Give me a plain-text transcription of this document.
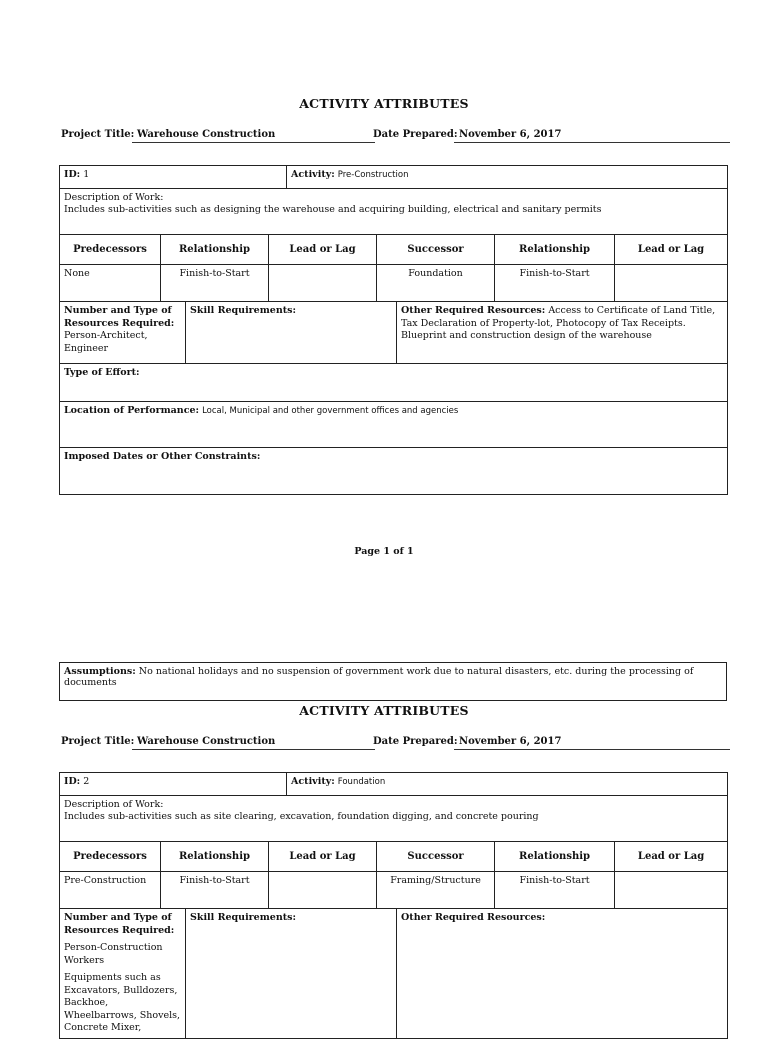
ACTIVITY ATTRIBUTES
Project Title: Warehouse Construction	Date Prepared: November 6, 2017
ID: 1				Activity: Pre-Construction				

Description of Work:
Includes sub-activities such as designing the warehouse and acquiring building, electrical and sanitary permits								

Predecessors	Relationship		Lead or Lag		Successor		Relationship	Lead or Lag
None	Finish-to-Start				Foundation		Finish-to-Start	

Number and Type of Resources Required:
Person-Architect, Engineer		Skill Requirements:				Other Required Resources: Access to Certificate of Land Title, Tax Declaration of Property-lot, Photocopy of Tax Receipts. Blueprint and construction design of the warehouse		
Type of Effort:								
Location of Performance: Local, Municipal and other government offices and agencies								
Imposed Dates or Other Constraints:								
Page 1 of 1
Assumptions: No national holidays and no suspension of government work due to natural disasters, etc. during the processing of documents
ACTIVITY ATTRIBUTES
Project Title: Warehouse Construction	Date Prepared: November 6, 2017
ID: 2				Activity: Foundation				

Description of Work:
Includes sub-activities such as site clearing, excavation, foundation digging, and concrete pouring								

Predecessors	Relationship		Lead or Lag		Successor		Relationship	Lead or Lag
Pre-Construction	Finish-to-Start				Framing/Structure		Finish-to-Start	

Number and Type of Resources Required:
Person-Construction Workers
Equipments such as Excavators, Bulldozers, Backhoe, Wheelbarrows, Shovels, Concrete Mixer,		Skill Requirements:				Other Required Resources:		
